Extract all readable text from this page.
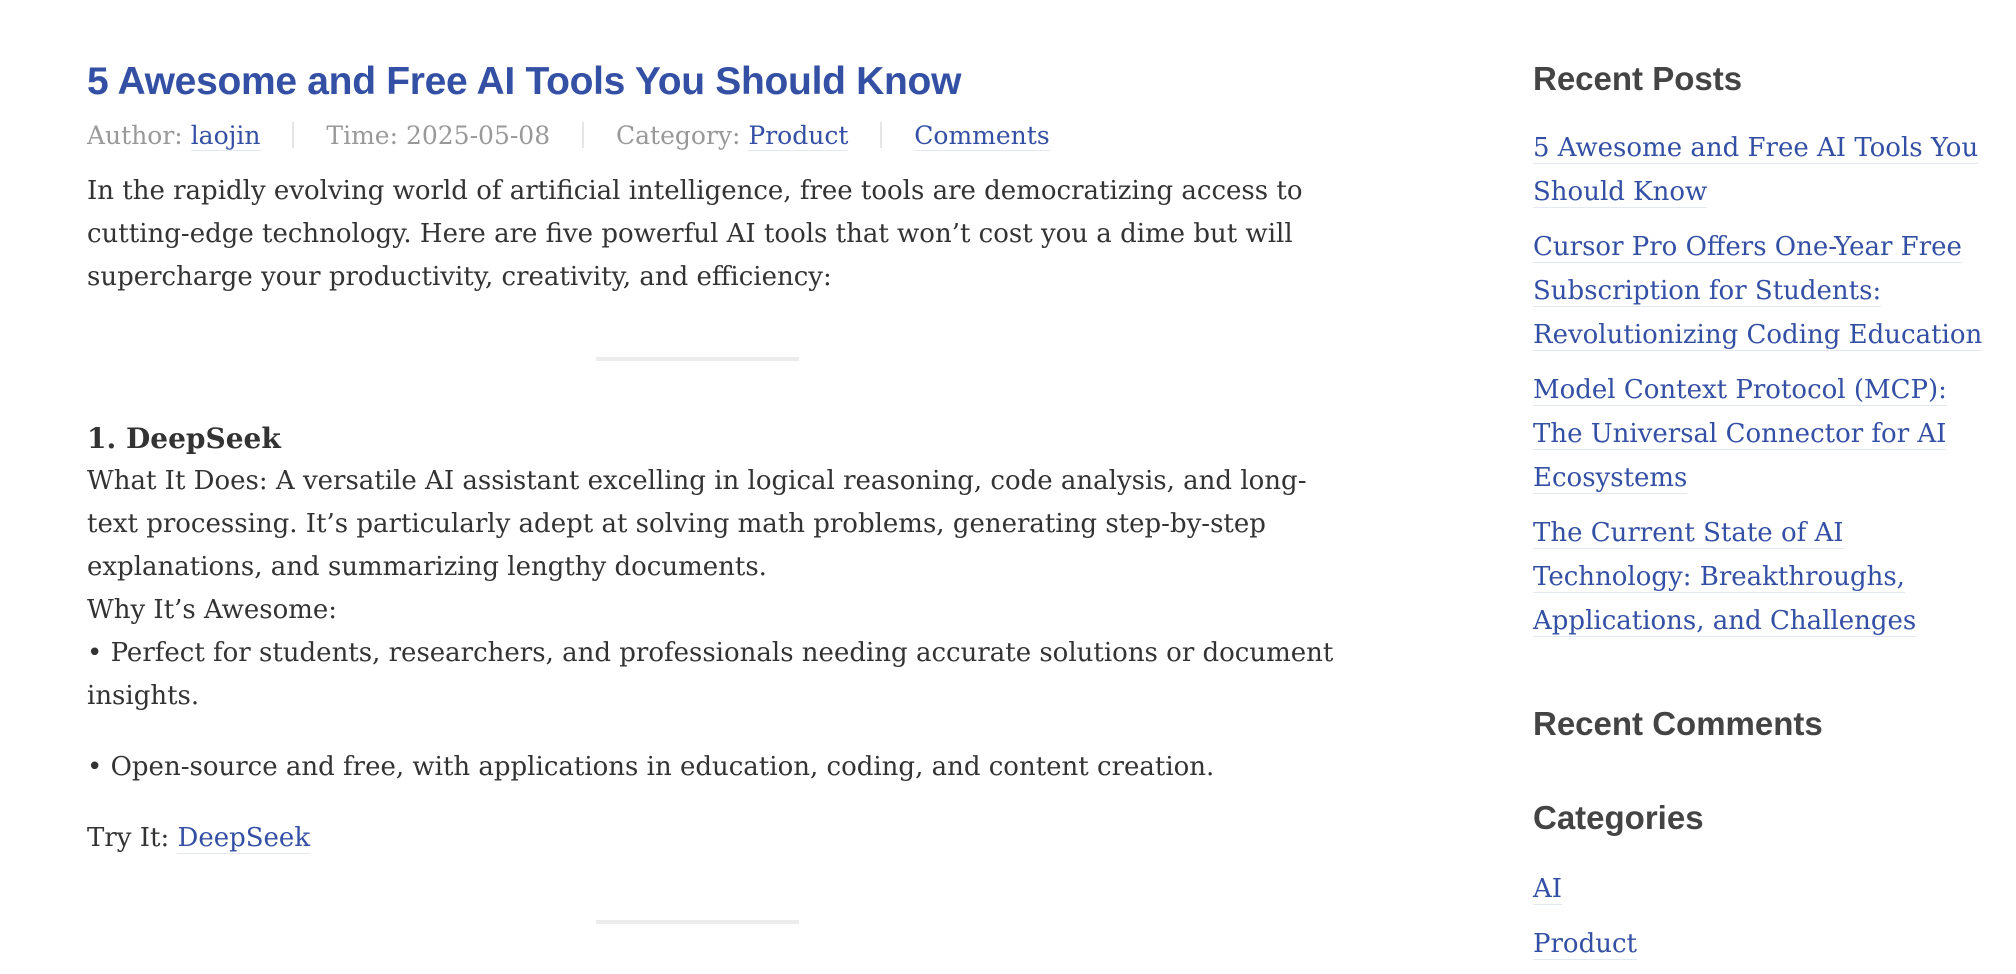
5 Awesome and Free AI Tools You Should Know
Author: laojin	Time: 2025-05-08	Category: Product	Comments
In the rapidly evolving world of artificial intelligence, free tools are democratizing access to cutting-edge technology. Here are five powerful AI tools that won’t cost you a dime but will supercharge your productivity, creativity, and efficiency:
1. DeepSeek
What It Does: A versatile AI assistant excelling in logical reasoning, code analysis, and long-text processing. It’s particularly adept at solving math problems, generating step-by-step explanations, and summarizing lengthy documents.
Why It’s Awesome:
• Perfect for students, researchers, and professionals needing accurate solutions or document insights.
• Open-source and free, with applications in education, coding, and content creation.
Try It: DeepSeek
Recent Posts
5 Awesome and Free AI Tools You Should Know
Cursor Pro Offers One-Year Free Subscription for Students: Revolutionizing Coding Education
Model Context Protocol (MCP): The Universal Connector for AI Ecosystems
The Current State of AI Technology: Breakthroughs, Applications, and Challenges
Recent Comments
Categories
AI
Product
